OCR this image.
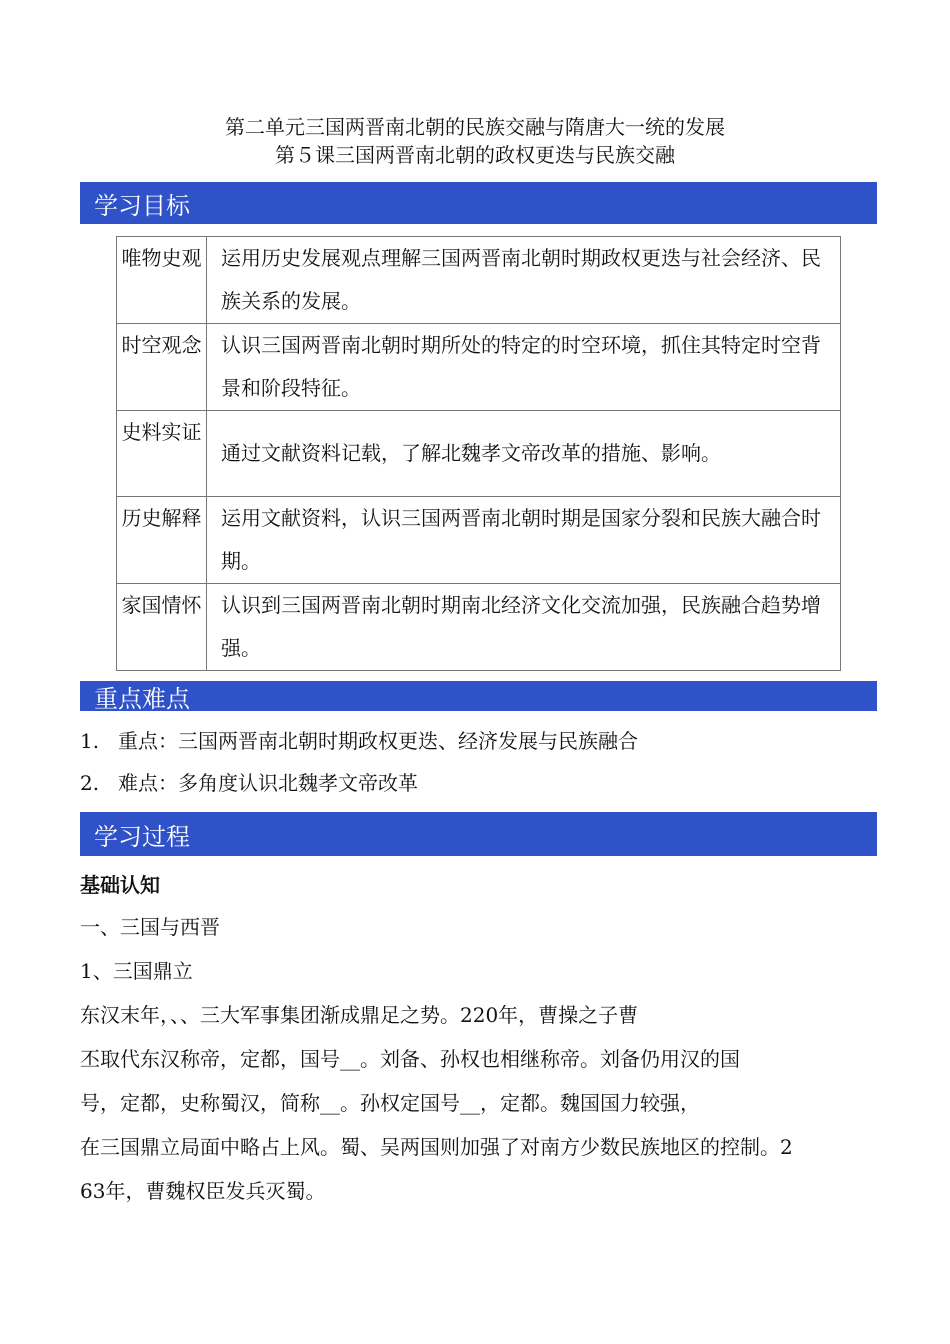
第二单元三国两晋南北朝的民族交融与隋唐大一统的发展
第５课三国两晋南北朝的政权更迭与民族交融
学习目标
唯物史观	运用历史发展观点理解三国两晋南北朝时期政权更迭与社会经济、民族关系的发展。
时空观念	认识三国两晋南北朝时期所处的特定的时空环境，抓住其特定时空背景和阶段特征。
史料实证	通过文献资料记载，了解北魏孝文帝改革的措施、影响。
历史解释	运用文献资料，认识三国两晋南北朝时期是国家分裂和民族大融合时期。
家国情怀	认识到三国两晋南北朝时期南北经济文化交流加强，民族融合趋势增强。
重点难点
1. 重点：三国两晋南北朝时期政权更迭、经济发展与民族融合
2. 难点：多角度认识北魏孝文帝改革
学习过程
基础认知
一、三国与西晋
1、三国鼎立
东汉末年，、、三大军事集团渐成鼎足之势。220年，曹操之子曹
丕取代东汉称帝，定都，国号__。刘备、孙权也相继称帝。刘备仍用汉的国
号，定都，史称蜀汉，简称__。孙权定国号__，定都。魏国国力较强，
在三国鼎立局面中略占上风。蜀、吴两国则加强了对南方少数民族地区的控制。2
63年，曹魏权臣发兵灭蜀。
